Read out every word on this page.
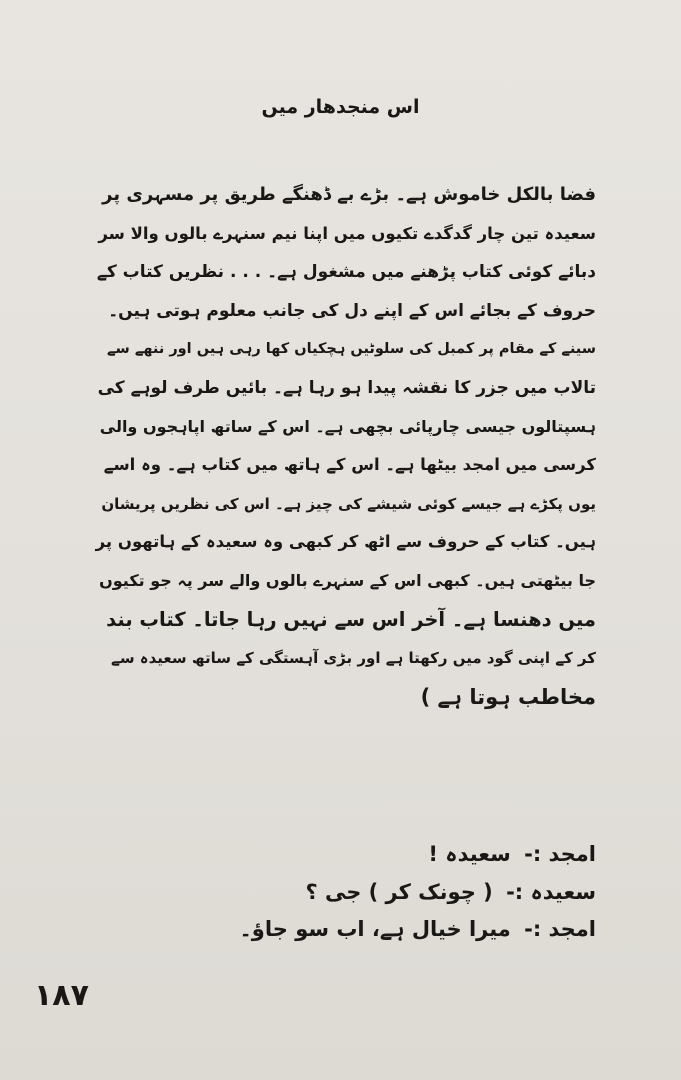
اس منجدھار میں
فضا بالکل خاموش ہے۔ بڑے بے ڈھنگے طریق پر مسہری پر
سعیدہ تین چار گدگدے تکیوں میں اپنا نیم سنہرے بالوں والا سر
دبائے کوئی کتاب پڑھنے میں مشغول ہے۔ . . . نظریں کتاب کے
حروف کے بجائے اس کے اپنے دل کی جانب معلوم ہوتی ہیں۔
سینے کے مقام پر کمبل کی سلوٹیں ہچکیاں کھا رہی ہیں اور ننھے سے
تالاب میں جزر کا نقشہ پیدا ہو رہا ہے۔ بائیں طرف لوہے کی
ہسپتالوں جیسی چارپائی بچھی ہے۔ اس کے ساتھ اپاہجوں والی
کرسی میں امجد بیٹھا ہے۔ اس کے ہاتھ میں کتاب ہے۔ وہ اسے
یوں پکڑے ہے جیسے کوئی شیشے کی چیز ہے۔ اس کی نظریں پریشان
ہیں۔ کتاب کے حروف سے اٹھ کر کبھی وہ سعیدہ کے ہاتھوں پر
جا بیٹھتی ہیں۔ کبھی اس کے سنہرے بالوں والے سر پہ جو تکیوں
میں دھنسا ہے۔ آخر اس سے نہیں رہا جاتا۔ کتاب بند
کر کے اپنی گود میں رکھتا ہے اور بڑی آہستگی کے ساتھ سعیدہ سے
مخاطب ہوتا ہے )
امجد :- سعیدہ !
سعیدہ :- ( چونک کر ) جی ؟
امجد :- میرا خیال ہے، اب سو جاؤ۔
۱۸۷
